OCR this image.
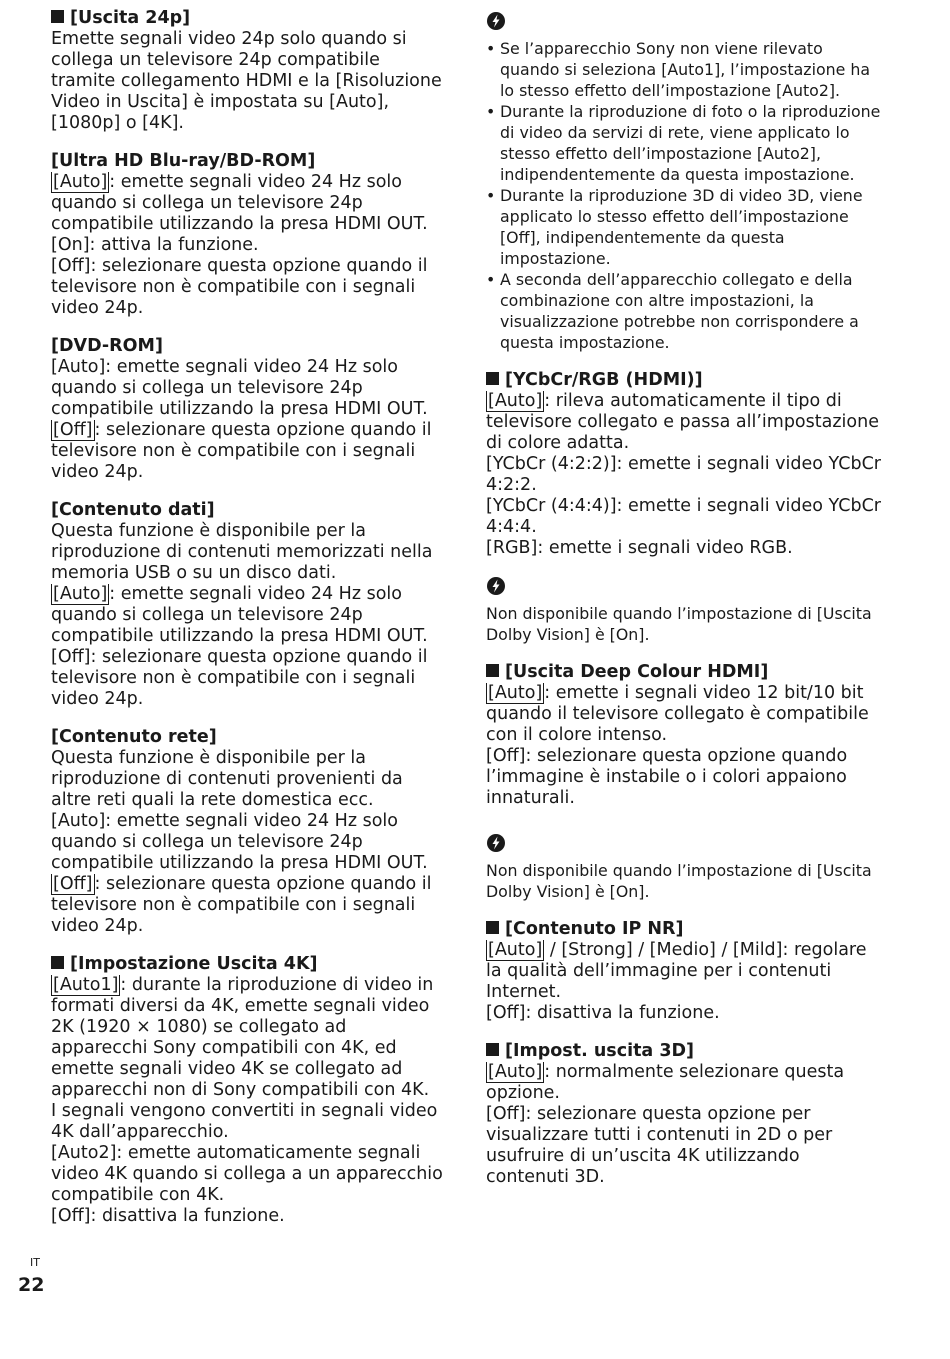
[Uscita 24p]

Emette segnali video 24p solo quando si collega un televisore 24p compatibile tramite collegamento HDMI e la [Risoluzione Video in Uscita] è impostata su [Auto], [1080p] o [4K].

[Ultra HD Blu-ray/BD-ROM]

[Auto] : emette segnali video 24 Hz solo quando si collega un televisore 24p compatibile utilizzando la presa HDMI OUT.

[On]: attiva la funzione.

[Off]: selezionare questa opzione quando il televisore non è compatibile con i segnali video 24p.

[DVD-ROM]

[Auto]: emette segnali video 24 Hz solo quando si collega un televisore 24p compatibile utilizzando la presa HDMI OUT.

[Off] : selezionare questa opzione quando il televisore non è compatibile con i segnali video 24p.

[Contenuto dati]

Questa funzione è disponibile per la riproduzione di contenuti memorizzati nella memoria USB o su un disco dati.

[Auto] : emette segnali video 24 Hz solo quando si collega un televisore 24p compatibile utilizzando la presa HDMI OUT.

[Off]: selezionare questa opzione quando il televisore non è compatibile con i segnali video 24p.

[Contenuto rete]

Questa funzione è disponibile per la riproduzione di contenuti provenienti da altre reti quali la rete domestica ecc.

[Auto]: emette segnali video 24 Hz solo quando si collega un televisore 24p compatibile utilizzando la presa HDMI OUT.

[Off] : selezionare questa opzione quando il televisore non è compatibile con i segnali video 24p.

[Impostazione Uscita 4K]

[Auto1] : durante la riproduzione di video in formati diversi da 4K, emette segnali video 2K (1920 × 1080) se collegato ad apparecchi Sony compatibili con 4K, ed emette segnali video 4K se collegato ad apparecchi non di Sony compatibili con 4K.

I segnali vengono convertiti in segnali video 4K dall’apparecchio.

[Auto2]: emette automaticamente segnali video 4K quando si collega a un apparecchio compatibile con 4K.

[Off]: disattiva la funzione.

• Se l’apparecchio Sony non viene rilevato quando si seleziona [Auto1], l’impostazione ha lo stesso effetto dell’impostazione [Auto2].
• Durante la riproduzione di foto o la riproduzione di video da servizi di rete, viene applicato lo stesso effetto dell’impostazione [Auto2], indipendentemente da questa impostazione.
• Durante la riproduzione 3D di video 3D, viene applicato lo stesso effetto dell’impostazione [Off], indipendentemente da questa impostazione.
• A seconda dell’apparecchio collegato e della combinazione con altre impostazioni, la visualizzazione potrebbe non corrispondere a questa impostazione.
[YCbCr/RGB (HDMI)]

[Auto] : rileva automaticamente il tipo di televisore collegato e passa all’impostazione di colore adatta.

[YCbCr (4:2:2)]: emette i segnali video YCbCr 4:2:2.

[YCbCr (4:4:4)]: emette i segnali video YCbCr 4:4:4.

[RGB]: emette i segnali video RGB.

Non disponibile quando l’impostazione di [Uscita Dolby Vision] è [On].

[Uscita Deep Colour HDMI]

[Auto] : emette i segnali video 12 bit/10 bit quando il televisore collegato è compatibile con il colore intenso.

[Off]: selezionare questa opzione quando l’immagine è instabile o i colori appaiono innaturali.

Non disponibile quando l’impostazione di [Uscita Dolby Vision] è [On].

[Contenuto IP NR]

[Auto] / [Strong] / [Medio] / [Mild]: regolare la qualità dell’immagine per i contenuti Internet.

[Off]: disattiva la funzione.

[Impost. uscita 3D]

[Auto] : normalmente selezionare questa opzione.

[Off]: selezionare questa opzione per visualizzare tutti i contenuti in 2D o per usufruire di un’uscita 4K utilizzando contenuti 3D.

IT
22
